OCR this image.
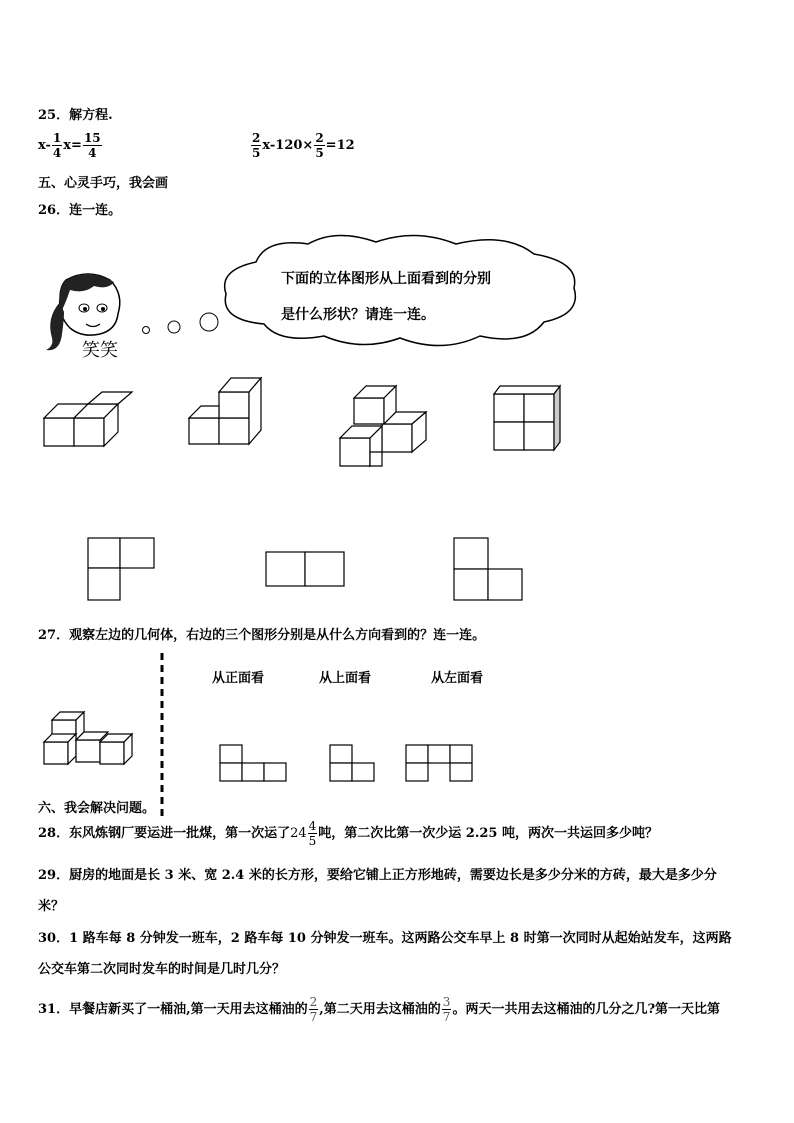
25．解方程.
$x- \frac{1}{4} x= \frac{15}{4}$	$\frac{2}{5} x-120\times \frac{2}{5} =12$
五、心灵手巧，我会画
26．连一连。
笑笑
下面的立体图形从上面看到的分别
是什么形状？请连一连。
27．观察左边的几何体，右边的三个图形分别是从什么方向看到的？连一连。
从正面看	从上面看	从左面看
六、我会解决问题。
28．东风炼钢厂要运进一批煤，第一次运了$24 \frac{4}{5}$ 吨，第二次比第一次少运 2.25 吨，两次一共运回多少吨？
29．厨房的地面是长 3 米、宽 2.4 米的长方形，要给它铺上正方形地砖，需要边长是多少分米的方砖，最大是多少分
米？
30．1 路车每 8 分钟发一班车，2 路车每 10 分钟发一班车。这两路公交车早上 8 时第一次同时从起始站发车，这两路
公交车第二次同时发车的时间是几时几分？
31．早餐店新买了一桶油,第一天用去这桶油的 $\frac{2}{7}$ ,第二天用去这桶油的 $\frac{3}{7}$ 。两天一共用去这桶油的几分之几?第一天比第
